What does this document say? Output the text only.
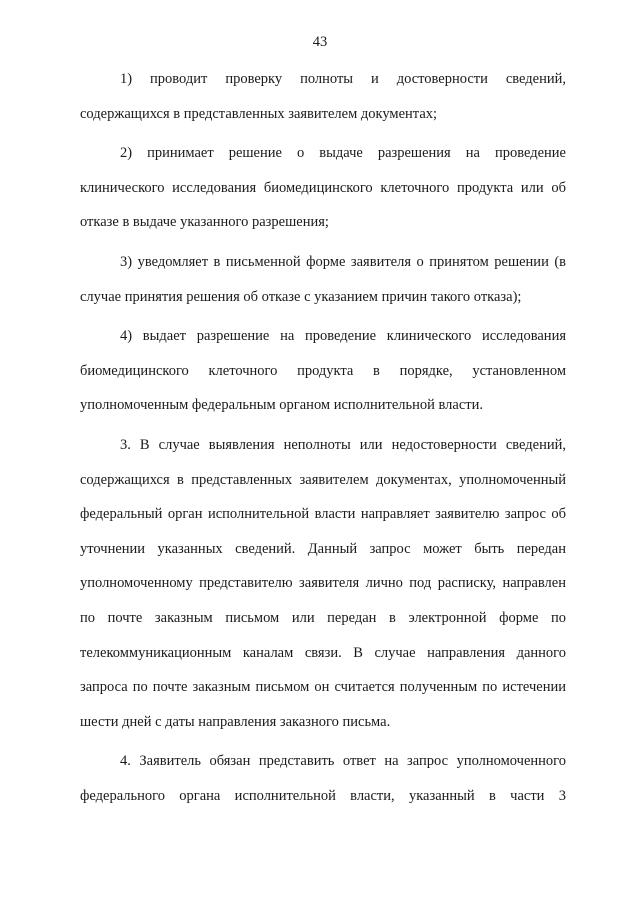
43

1) проводит проверку полноты и достоверности сведений, содержащихся в представленных заявителем документах;

2) принимает решение о выдаче разрешения на проведение клинического исследования биомедицинского клеточного продукта или об отказе в выдаче указанного разрешения;

3) уведомляет в письменной форме заявителя о принятом решении (в случае принятия решения об отказе с указанием причин такого отказа);

4) выдает разрешение на проведение клинического исследования биомедицинского клеточного продукта в порядке, установленном уполномоченным федеральным органом исполнительной власти.

3. В случае выявления неполноты или недостоверности сведений, содержащихся в представленных заявителем документах, уполномоченный федеральный орган исполнительной власти направляет заявителю запрос об уточнении указанных сведений. Данный запрос может быть передан уполномоченному представителю заявителя лично под расписку, направлен по почте заказным письмом или передан в электронной форме по телекоммуникационным каналам связи. В случае направления данного запроса по почте заказным письмом он считается полученным по истечении шести дней с даты направления заказного письма.

4. Заявитель обязан представить ответ на запрос уполномоченного федерального органа исполнительной власти, указанный в части 3
